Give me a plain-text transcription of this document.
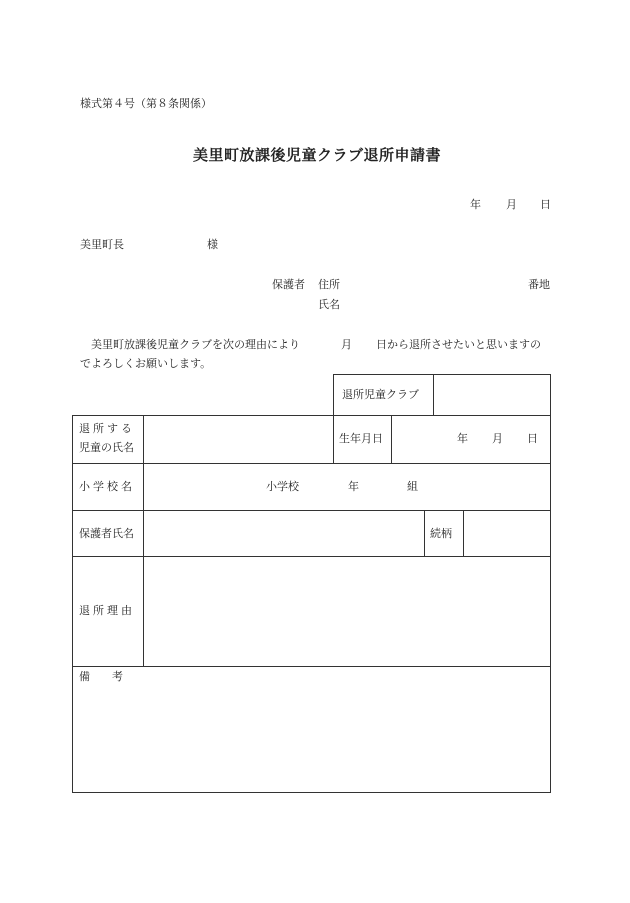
様式第４号（第８条関係）
美里町放課後児童クラブ退所申請書
年 月 日
美里町長	様
保護者 住所	番地
氏名
美里町放課後児童クラブを次の理由により	月 日から退所させたいと思いますの
でよろしくお願いします。
退所児童クラブ
退所する
児童の氏名
生年月日	年 月 日
小学校名	小学校	年	組
保護者氏名	続柄
退所理由
備　　考
